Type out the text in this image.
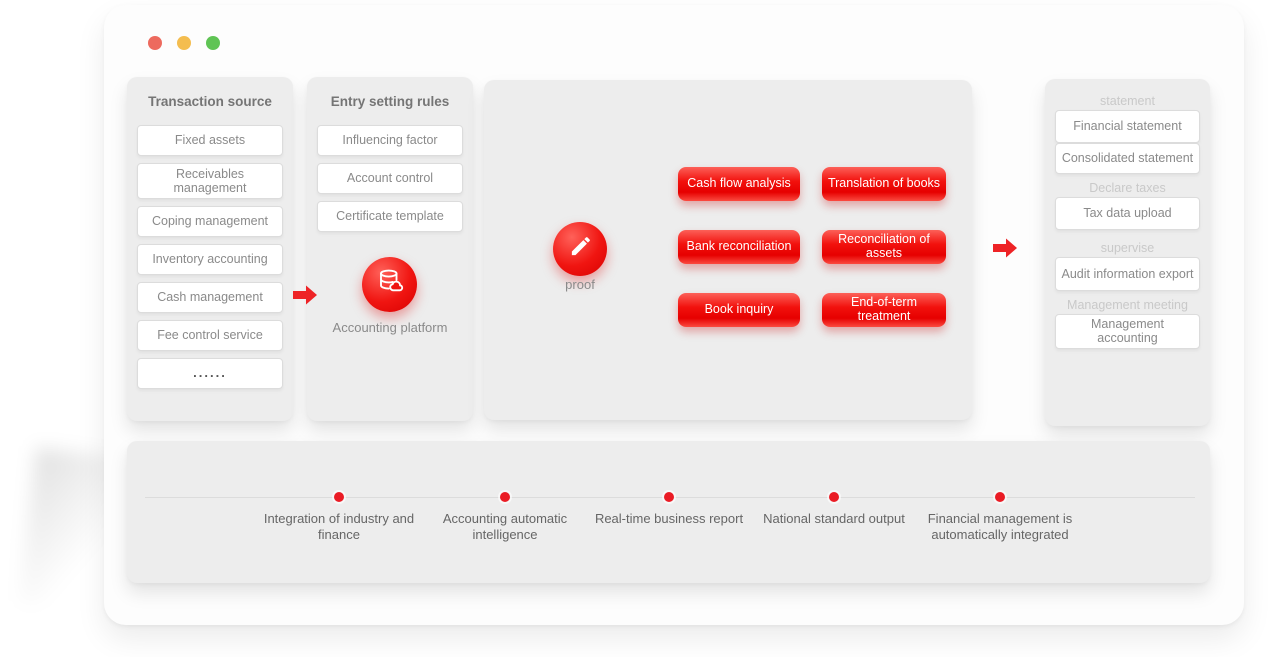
Transaction source
Fixed assets
Receivables management
Coping management
Inventory accounting
Cash management
Fee control service
......
Entry setting rules
Influencing factor
Account control
Certificate template
Accounting platform
proof
Cash flow analysis	Translation of books
Bank reconciliation	Reconciliation of assets
Book inquiry	End-of-term treatment
statement
Financial statement
Consolidated statement
Declare taxes
Tax data upload
supervise
Audit information export
Management meeting
Management accounting
Integration of industry and finance
Accounting automatic intelligence
Real-time business report	National standard output	Financial management is automatically integrated
